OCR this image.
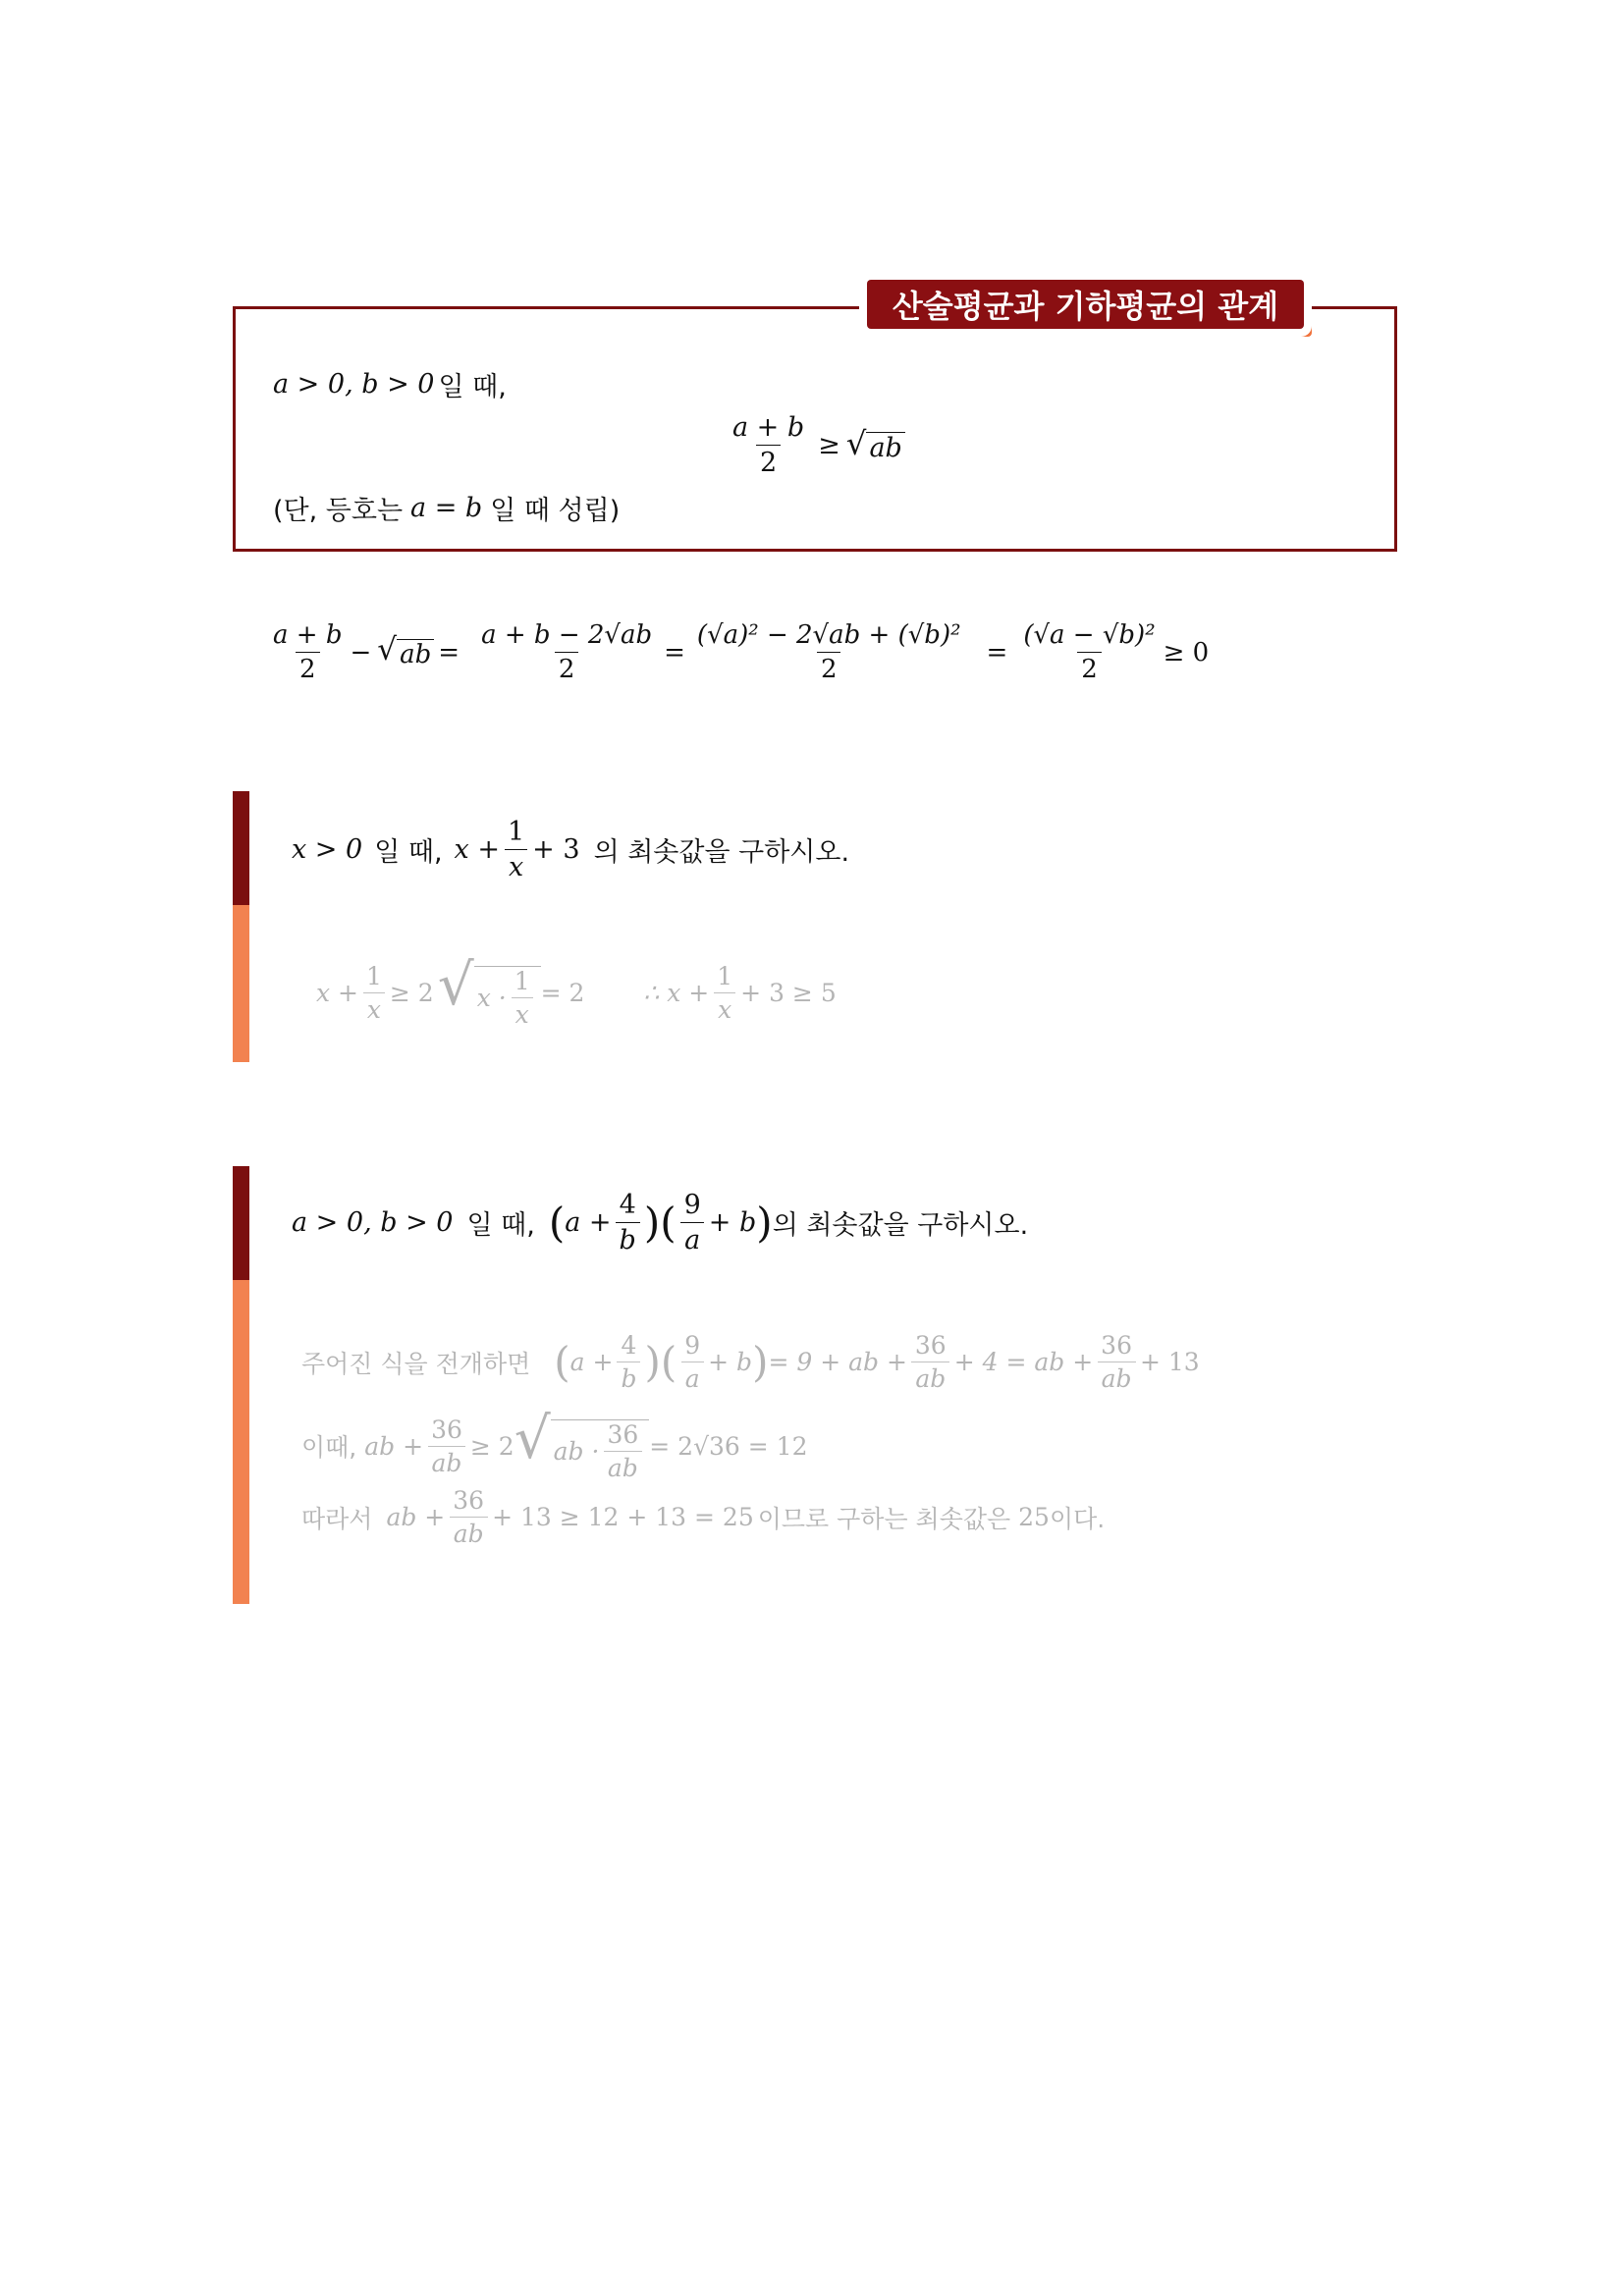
산술평균과 기하평균의 관계
a > 0, b > 0 일 때,
$\frac{a + b}{2}$ ≥ √ ab
(단, 등호는 a = b 일 때 성립)
$\frac{a + b}{2}$ − √ ab = $\frac{a + b - 2√ab}{2} = \frac{\text{(√a)² − 2√ab + (√b)²}}{2} = \frac{\text{(√a − √b)²}}{2} \ge 0$
x > 0 일 때, $x + \frac{1}{x} + 3$ 의 최솟값을 구하시오.
$x + \frac{1}{x} \ge 2$ √ $x \cdot \frac{1}{x} = 2$ ∴ $x + \frac{1}{x} + 3 \ge 5$
a > 0, b > 0 일 때, ( $a + \frac{4}{b}$ ) ( $\frac{9}{a} + b$ ) 의 최솟값을 구하시오.
주어진 식을 전개하면 ( $a + \frac{4}{b}$ ) ( $\frac{9}{a} + b$ ) = 9 + ab + $\frac{36}{ab} + 4$ = ab + $\frac{36}{ab} + 13$
이때, ab + $\frac{36}{ab} \ge 2$ √ ab · $\frac{36}{ab} = 2√36 = 12$
따라서 ab + $\frac{36}{ab} + 13 \ge 12 + 13 = 25$ 이므로 구하는 최솟값은 25 이다.
